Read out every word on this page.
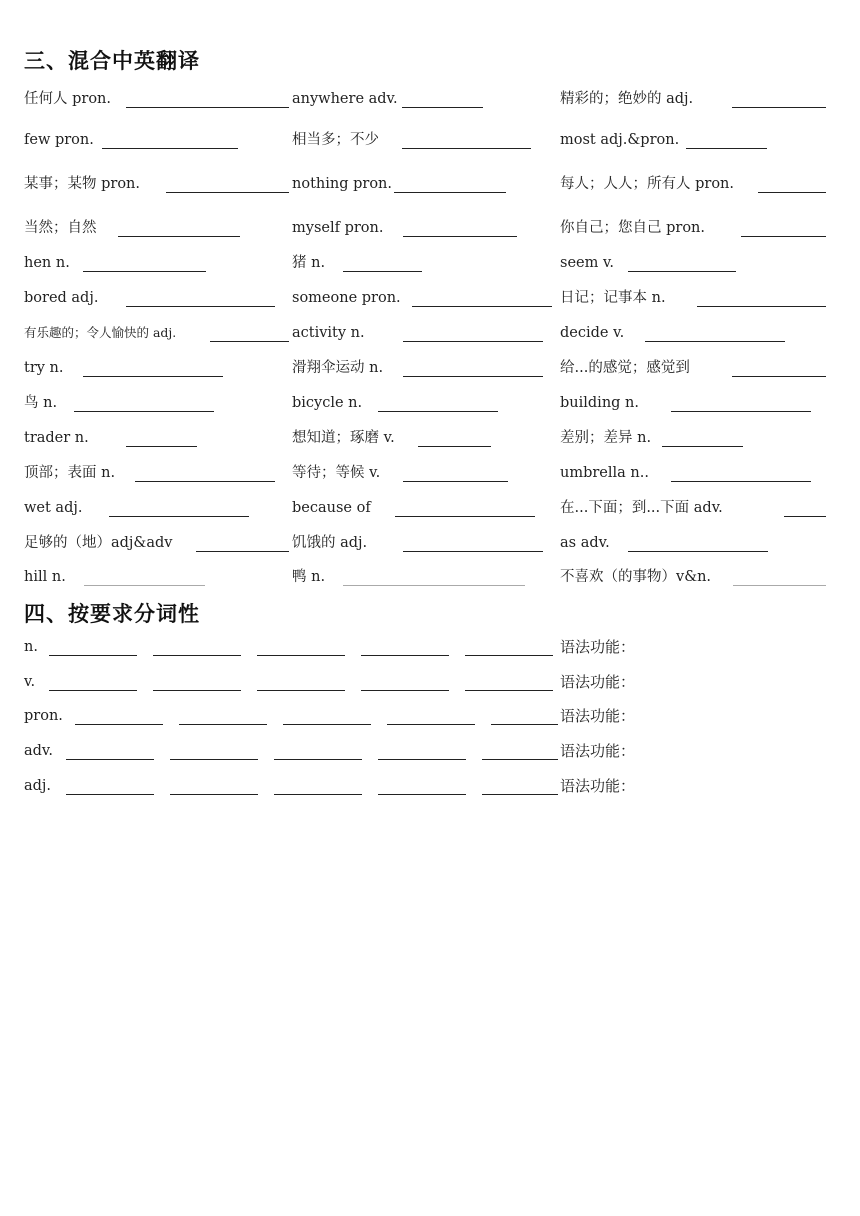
三、混合中英翻译
任何人 pron.	anywhere adv.	精彩的；绝妙的 adj.
few pron.	相当多；不少	most adj.&pron.
某事；某物 pron.	nothing pron.	每人；人人；所有人 pron.
当然；自然	myself pron.	你自己；您自己 pron.
hen n.	猪 n.	seem v.
bored adj.	someone pron.	日记；记事本 n.
有乐趣的；令人愉快的 adj.	activity n.	decide v.
try n.	滑翔伞运动 n.	给...的感觉；感觉到
鸟 n.	bicycle n.	building n.
trader n.	想知道；琢磨 v.	差别；差异 n.
顶部；表面 n.	等待；等候 v.	umbrella n..
wet adj.	because of	在...下面；到...下面 adv.
足够的（地）adj&adv	饥饿的 adj.	as adv.
hill n.	鸭 n.	不喜欢（的事物）v&n.
四、按要求分词性
n.	语法功能：
v.	语法功能：
pron.	语法功能：
adv.	语法功能：
adj.	语法功能：
